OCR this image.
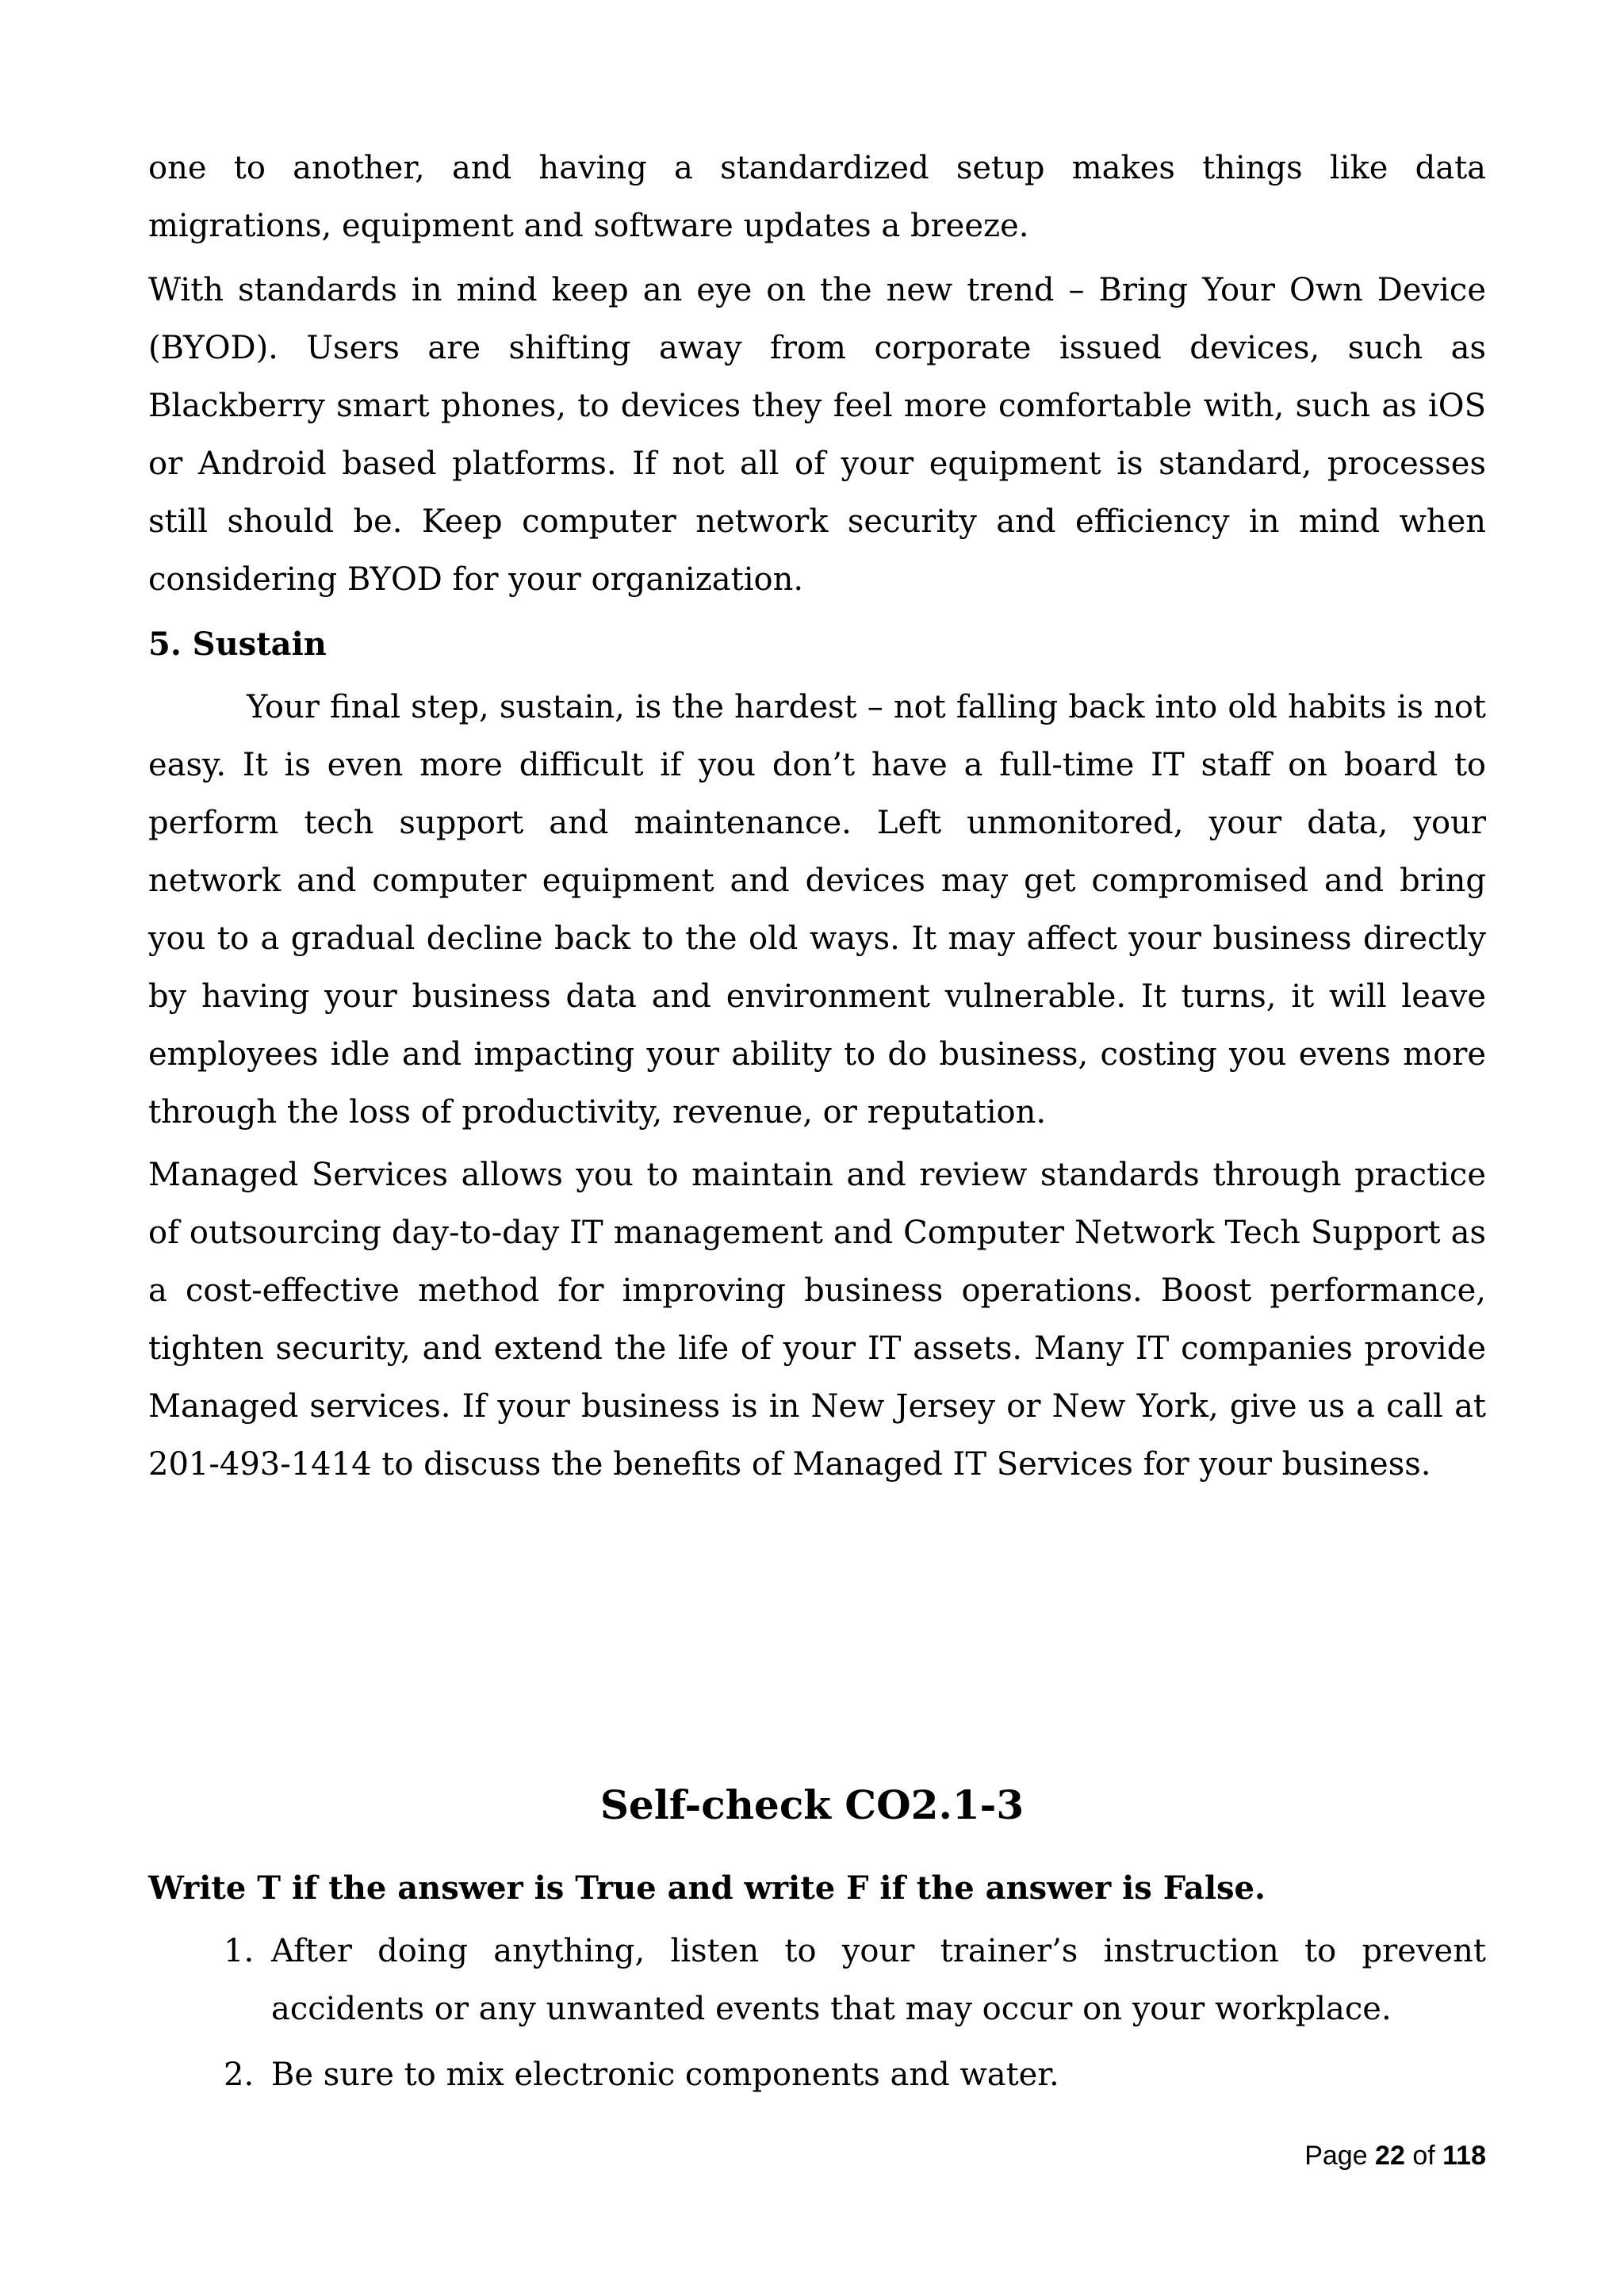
one to another, and having a standardized setup makes things like data migrations, equipment and software updates a breeze.

With standards in mind keep an eye on the new trend – Bring Your Own Device (BYOD). Users are shifting away from corporate issued devices, such as Blackberry smart phones, to devices they feel more comfortable with, such as iOS or Android based platforms. If not all of your equipment is standard, processes still should be. Keep computer network security and efficiency in mind when considering BYOD for your organization.

5. Sustain

Your final step, sustain, is the hardest – not falling back into old habits is not easy. It is even more difficult if you don’t have a full-time IT staff on board to perform tech support and maintenance. Left unmonitored, your data, your network and computer equipment and devices may get compromised and bring you to a gradual decline back to the old ways. It may affect your business directly by having your business data and environment vulnerable. It turns, it will leave employees idle and impacting your ability to do business, costing you evens more through the loss of productivity, revenue, or reputation.

Managed Services allows you to maintain and review standards through practice of outsourcing day-to-day IT management and Computer Network Tech Support as a cost-effective method for improving business operations. Boost performance, tighten security, and extend the life of your IT assets. Many IT companies provide Managed services. If your business is in New Jersey or New York, give us a call at 201-493-1414 to discuss the benefits of Managed IT Services for your business.

Self-check CO2.1-3

Write T if the answer is True and write F if the answer is False.

1. After doing anything, listen to your trainer’s instruction to prevent accidents or any unwanted events that may occur on your workplace.
2. Be sure to mix electronic components and water.
Page 22 of 118
